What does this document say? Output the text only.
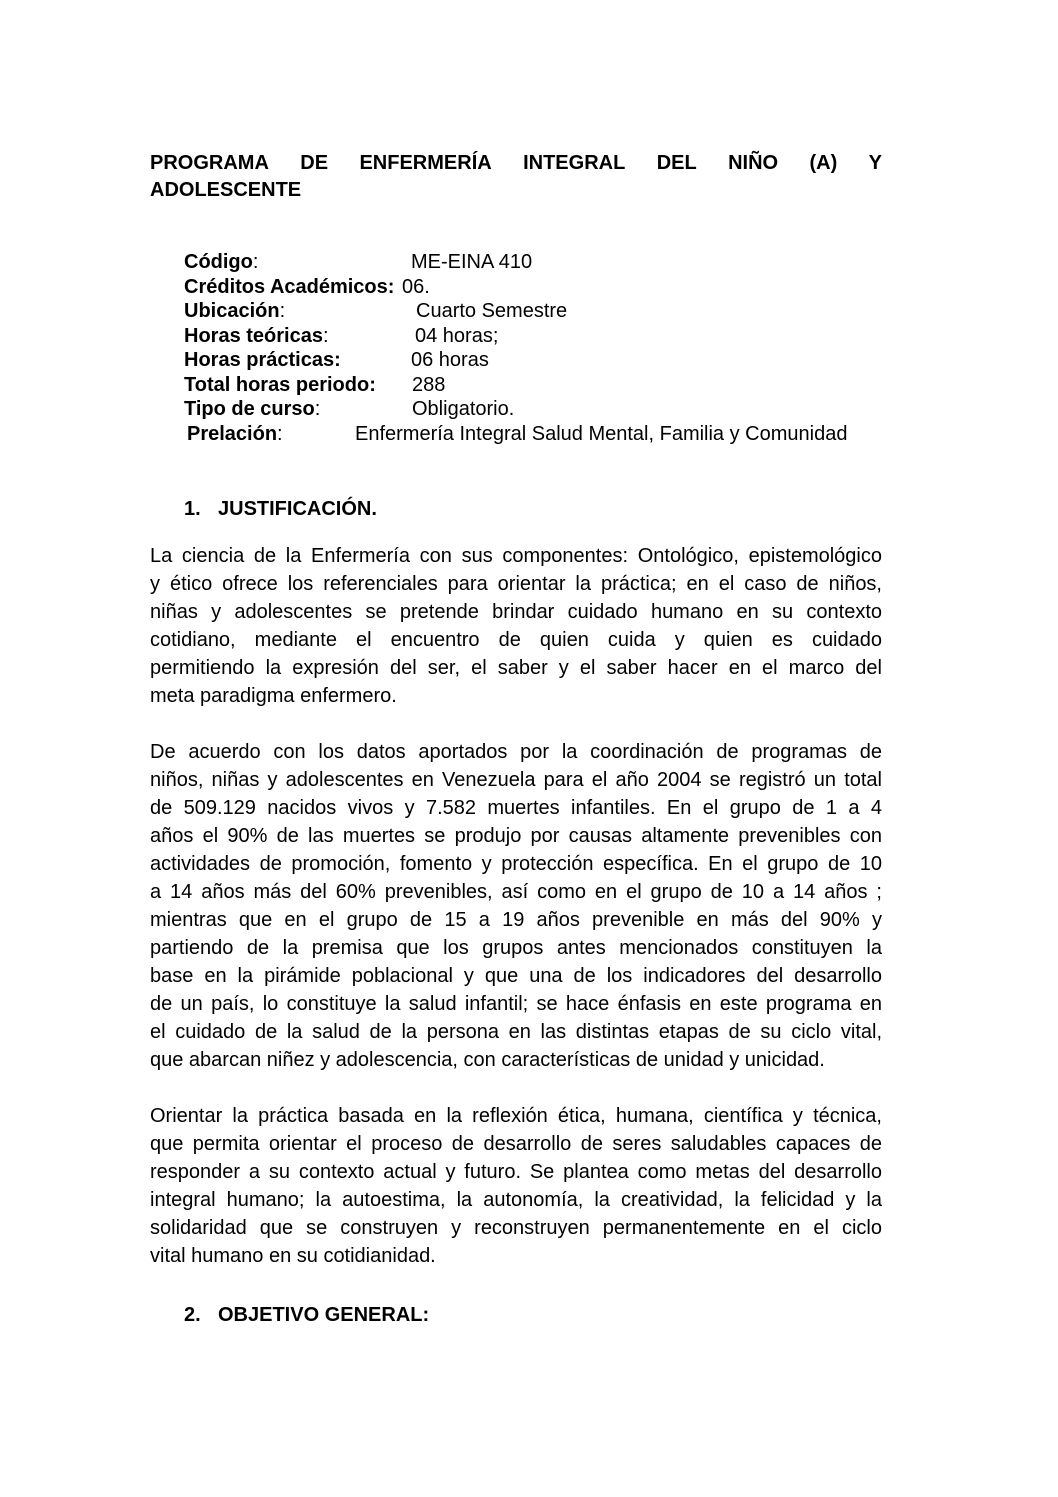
PROGRAMA DE ENFERMERÍA INTEGRAL DEL NIÑO (A) Y
ADOLESCENTE
Código:	ME-EINA 410
Créditos Académicos: 06.
Ubicación:	Cuarto Semestre
Horas teóricas:	04 horas;
Horas prácticas:	06 horas
Total horas periodo: 288
Tipo de curso:	Obligatorio.
Prelación:	Enfermería Integral Salud Mental, Familia y Comunidad
1. JUSTIFICACIÓN.

La ciencia de la Enfermería con sus componentes: Ontológico, epistemológico
y ético ofrece los referenciales para orientar la práctica; en el caso de niños,
niñas y adolescentes se pretende brindar cuidado humano en su contexto
cotidiano, mediante el encuentro de quien cuida y quien es cuidado
permitiendo la expresión del ser, el saber y el saber hacer en el marco del
meta paradigma enfermero.

De acuerdo con los datos aportados por la coordinación de programas de
niños, niñas y adolescentes en Venezuela para el año 2004 se registró un total
de 509.129 nacidos vivos y 7.582 muertes infantiles. En el grupo de 1 a 4
años el 90% de las muertes se produjo por causas altamente prevenibles con
actividades de promoción, fomento y protección específica. En el grupo de 10
a 14 años más del 60% prevenibles, así como en el grupo de 10 a 14 años ;
mientras que en el grupo de 15 a 19 años prevenible en más del 90% y
partiendo de la premisa que los grupos antes mencionados constituyen la
base en la pirámide poblacional y que una de los indicadores del desarrollo
de un país, lo constituye la salud infantil; se hace énfasis en este programa en
el cuidado de la salud de la persona en las distintas etapas de su ciclo vital,
que abarcan niñez y adolescencia, con características de unidad y unicidad.

Orientar la práctica basada en la reflexión ética, humana, científica y técnica,
que permita orientar el proceso de desarrollo de seres saludables capaces de
responder a su contexto actual y futuro. Se plantea como metas del desarrollo
integral humano; la autoestima, la autonomía, la creatividad, la felicidad y la
solidaridad que se construyen y reconstruyen permanentemente en el ciclo
vital humano en su cotidianidad.

2. OBJETIVO GENERAL:
